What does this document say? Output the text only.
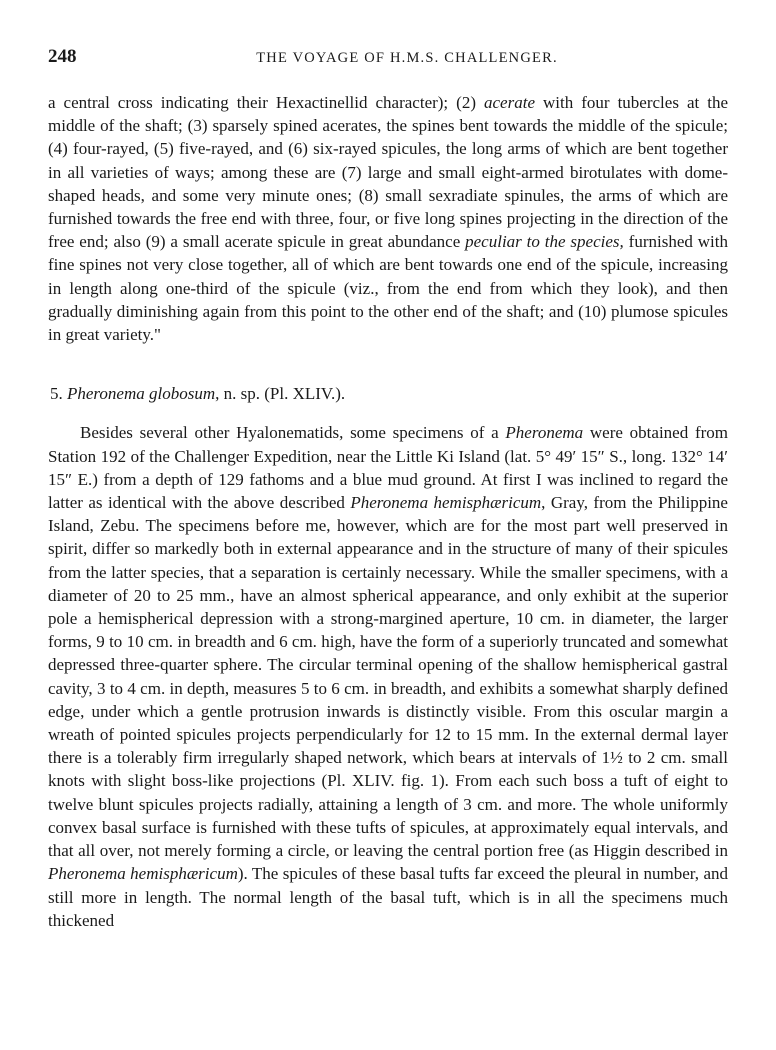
248	THE VOYAGE OF H.M.S. CHALLENGER.

a central cross indicating their Hexactinellid character); (2) acerate with four tubercles at the middle of the shaft; (3) sparsely spined acerates, the spines bent towards the middle of the spicule; (4) four-rayed, (5) five-rayed, and (6) six-rayed spicules, the long arms of which are bent together in all varieties of ways; among these are (7) large and small eight-armed birotulates with dome-shaped heads, and some very minute ones; (8) small sexradiate spinules, the arms of which are furnished towards the free end with three, four, or five long spines projecting in the direction of the free end; also (9) a small acerate spicule in great abundance peculiar to the species, furnished with fine spines not very close together, all of which are bent towards one end of the spicule, increasing in length along one-third of the spicule (viz., from the end from which they look), and then gradually diminishing again from this point to the other end of the shaft; and (10) plumose spicules in great variety."

5. Pheronema globosum, n. sp. (Pl. XLIV.).

Besides several other Hyalonematids, some specimens of a Pheronema were obtained from Station 192 of the Challenger Expedition, near the Little Ki Island (lat. 5° 49′ 15″ S., long. 132° 14′ 15″ E.) from a depth of 129 fathoms and a blue mud ground. At first I was inclined to regard the latter as identical with the above described Pheronema hemisphæricum, Gray, from the Philippine Island, Zebu. The specimens before me, however, which are for the most part well preserved in spirit, differ so markedly both in external appearance and in the structure of many of their spicules from the latter species, that a separation is certainly necessary. While the smaller specimens, with a diameter of 20 to 25 mm., have an almost spherical appearance, and only exhibit at the superior pole a hemispherical depression with a strong-margined aperture, 10 cm. in diameter, the larger forms, 9 to 10 cm. in breadth and 6 cm. high, have the form of a superiorly truncated and somewhat depressed three-quarter sphere. The circular terminal opening of the shallow hemispherical gastral cavity, 3 to 4 cm. in depth, measures 5 to 6 cm. in breadth, and exhibits a somewhat sharply defined edge, under which a gentle protrusion inwards is distinctly visible. From this oscular margin a wreath of pointed spicules projects perpendicularly for 12 to 15 mm. In the external dermal layer there is a tolerably firm irregularly shaped network, which bears at intervals of 1½ to 2 cm. small knots with slight boss-like projections (Pl. XLIV. fig. 1). From each such boss a tuft of eight to twelve blunt spicules projects radially, attaining a length of 3 cm. and more. The whole uniformly convex basal surface is furnished with these tufts of spicules, at approximately equal intervals, and that all over, not merely forming a circle, or leaving the central portion free (as Higgin described in Pheronema hemisphæricum). The spicules of these basal tufts far exceed the pleural in number, and still more in length. The normal length of the basal tuft, which is in all the specimens much thickened
